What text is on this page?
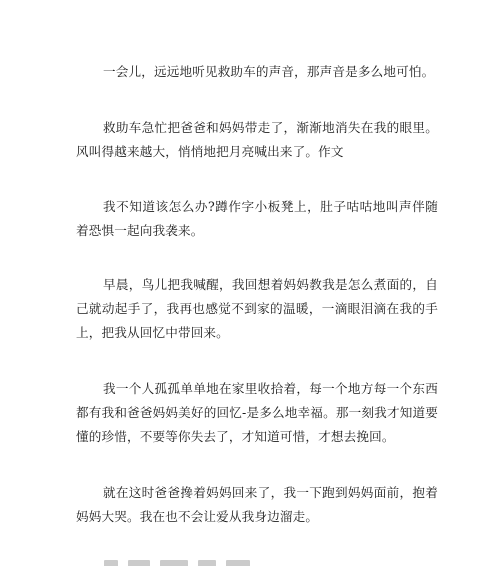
一会儿，远远地听见救助车的声音，那声音是多么地可怕。

救助车急忙把爸爸和妈妈带走了，渐渐地消失在我的眼里。风叫得越来越大，悄悄地把月亮喊出来了。作文

我不知道该怎么办?蹲作字小板凳上，肚子咕咕地叫声伴随着恐惧一起向我袭来。

早晨，鸟儿把我喊醒，我回想着妈妈教我是怎么煮面的，自己就动起手了，我再也感觉不到家的温暖，一滴眼泪滴在我的手上，把我从回忆中带回来。

我一个人孤孤单单地在家里收拾着，每一个地方每一个东西都有我和爸爸妈妈美好的回忆-是多么地幸福。那一刻我才知道要懂的珍惜，不要等你失去了，才知道可惜，才想去挽回。

就在这时爸爸搀着妈妈回来了，我一下跑到妈妈面前，抱着妈妈大哭。我在也不会让爱从我身边溜走。
